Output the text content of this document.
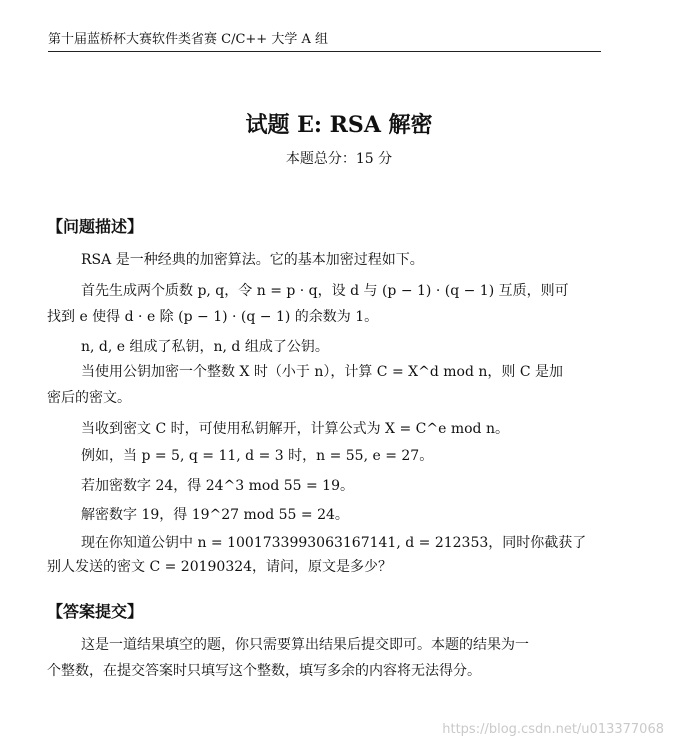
第十届蓝桥杯大赛软件类省赛 C/C++ 大学 A 组
试题 E: RSA 解密
本题总分：15 分
【问题描述】
RSA 是一种经典的加密算法。它的基本加密过程如下。
首先生成两个质数 p, q，令 n = p · q，设 d 与 (p − 1) · (q − 1) 互质，则可
找到 e 使得 d · e 除 (p − 1) · (q − 1) 的余数为 1。
n, d, e 组成了私钥，n, d 组成了公钥。
当使用公钥加密一个整数 X 时（小于 n），计算 C = X^d mod n，则 C 是加
密后的密文。
当收到密文 C 时，可使用私钥解开，计算公式为 X = C^e mod n。
例如，当 p = 5, q = 11, d = 3 时，n = 55, e = 27。
若加密数字 24，得 24^3 mod 55 = 19。
解密数字 19，得 19^27 mod 55 = 24。
现在你知道公钥中 n = 1001733993063167141, d = 212353，同时你截获了
别人发送的密文 C = 20190324，请问，原文是多少？
【答案提交】
这是一道结果填空的题，你只需要算出结果后提交即可。本题的结果为一
个整数，在提交答案时只填写这个整数，填写多余的内容将无法得分。
https://blog.csdn.net/u013377068
